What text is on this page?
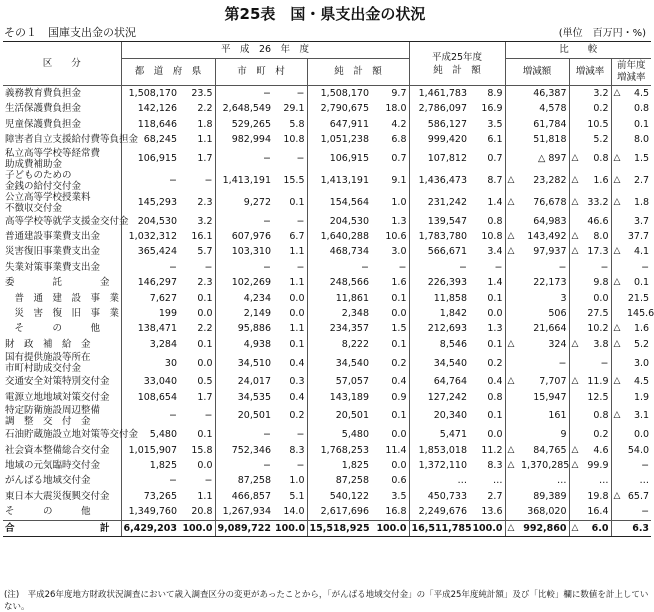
第25表　国・県支出金の状況
その１　国庫支出金の状況	(単位　百万円・%)
区　　分	平　成　26　年　度						平成25年度
純　計　額		比　　較					
	都　道　府　県		市　町　村		純　計　額				増減額		増減率		前年度
増減率	
義務教育費負担金	1,508,170	23.5	−	−	1,508,170	9.7	1,461,783	8.9		46,387		3.2	△	4.5
生活保護費負担金	142,126	2.2	2,648,549	29.1	2,790,675	18.0	2,786,097	16.9		4,578		0.2		0.8
児童保護費負担金	118,646	1.8	529,265	5.8	647,911	4.2	586,127	3.5		61,784		10.5		0.1
障害者自立支援給付費等負担金	68,245	1.1	982,994	10.8	1,051,238	6.8	999,420	6.1		51,818		5.2		8.0
私立高等学校等経常費
助成費補助金	106,915	1.7	−	−	106,915	0.7	107,812	0.7		△ 897	△	0.8	△	1.5
子どものための
金銭の給付交付金	−	−	1,413,191	15.5	1,413,191	9.1	1,436,473	8.7	△	23,282	△	1.6	△	2.7
公立高等学校授業料
不徴収交付金	145,293	2.3	9,272	0.1	154,564	1.0	231,242	1.4	△	76,678	△	33.2	△	1.8
高等学校等就学支援金交付金	204,530	3.2	−	−	204,530	1.3	139,547	0.8		64,983		46.6		3.7
普通建設事業費支出金	1,032,312	16.1	607,976	6.7	1,640,288	10.6	1,783,780	10.8	△	143,492	△	8.0		37.7
災害復旧事業費支出金	365,424	5.7	103,310	1.1	468,734	3.0	566,671	3.4	△	97,937	△	17.3	△	4.1
失業対策事業費支出金	−	−	−	−	−	−	−	−		−		−		−
委　　　　託　　　　金	146,297	2.3	102,269	1.1	248,566	1.6	226,393	1.4		22,173		9.8	△	0.1
　普　通　建　設　事　業	7,627	0.1	4,234	0.0	11,861	0.1	11,858	0.1		3		0.0		21.5
　災　害　復　旧　事　業	199	0.0	2,149	0.0	2,348	0.0	1,842	0.0		506		27.5		145.6
　そ　　　の　　　他	138,471	2.2	95,886	1.1	234,357	1.5	212,693	1.3		21,664		10.2	△	1.6
財　政　補　給　金	3,284	0.1	4,938	0.1	8,222	0.1	8,546	0.1	△	324	△	3.8	△	5.2
国有提供施設等所在
市町村助成交付金	30	0.0	34,510	0.4	34,540	0.2	34,540	0.2		−		−		3.0
交通安全対策特別交付金	33,040	0.5	24,017	0.3	57,057	0.4	64,764	0.4	△	7,707	△	11.9	△	4.5
電源立地地域対策交付金	108,654	1.7	34,535	0.4	143,189	0.9	127,242	0.8		15,947		12.5		1.9
特定防衛施設周辺整備
調　整　交　付　金	−	−	20,501	0.2	20,501	0.1	20,340	0.1		161		0.8	△	3.1
石油貯蔵施設立地対策等交付金	5,480	0.1	−	−	5,480	0.0	5,471	0.0		9		0.2		0.0
社会資本整備総合交付金	1,015,907	15.8	752,346	8.3	1,768,253	11.4	1,853,018	11.2	△	84,765	△	4.6		54.0
地域の元気臨時交付金	1,825	0.0	−	−	1,825	0.0	1,372,110	8.3	△	1,370,285	△	99.9		−
がんばる地域交付金	−	−	87,258	1.0	87,258	0.6	…	…		…		…		…
東日本大震災復興交付金	73,265	1.1	466,857	5.1	540,122	3.5	450,733	2.7		89,389		19.8	△	65.7
そ　　　の　　　他	1,349,760	20.8	1,267,934	14.0	2,617,696	16.8	2,249,676	13.6		368,020		16.4		−
合　　　　　　　　　計	6,429,203	100.0	9,089,722	100.0	15,518,925	100.0	16,511,785	100.0	△	992,860	△	6.0		6.3
(注)　平成26年度地方財政状況調査において歳入調査区分の変更があったことから，「がんばる地域交付金」の「平成25年度純計額」及び「比較」欄に数値を計上していない。
